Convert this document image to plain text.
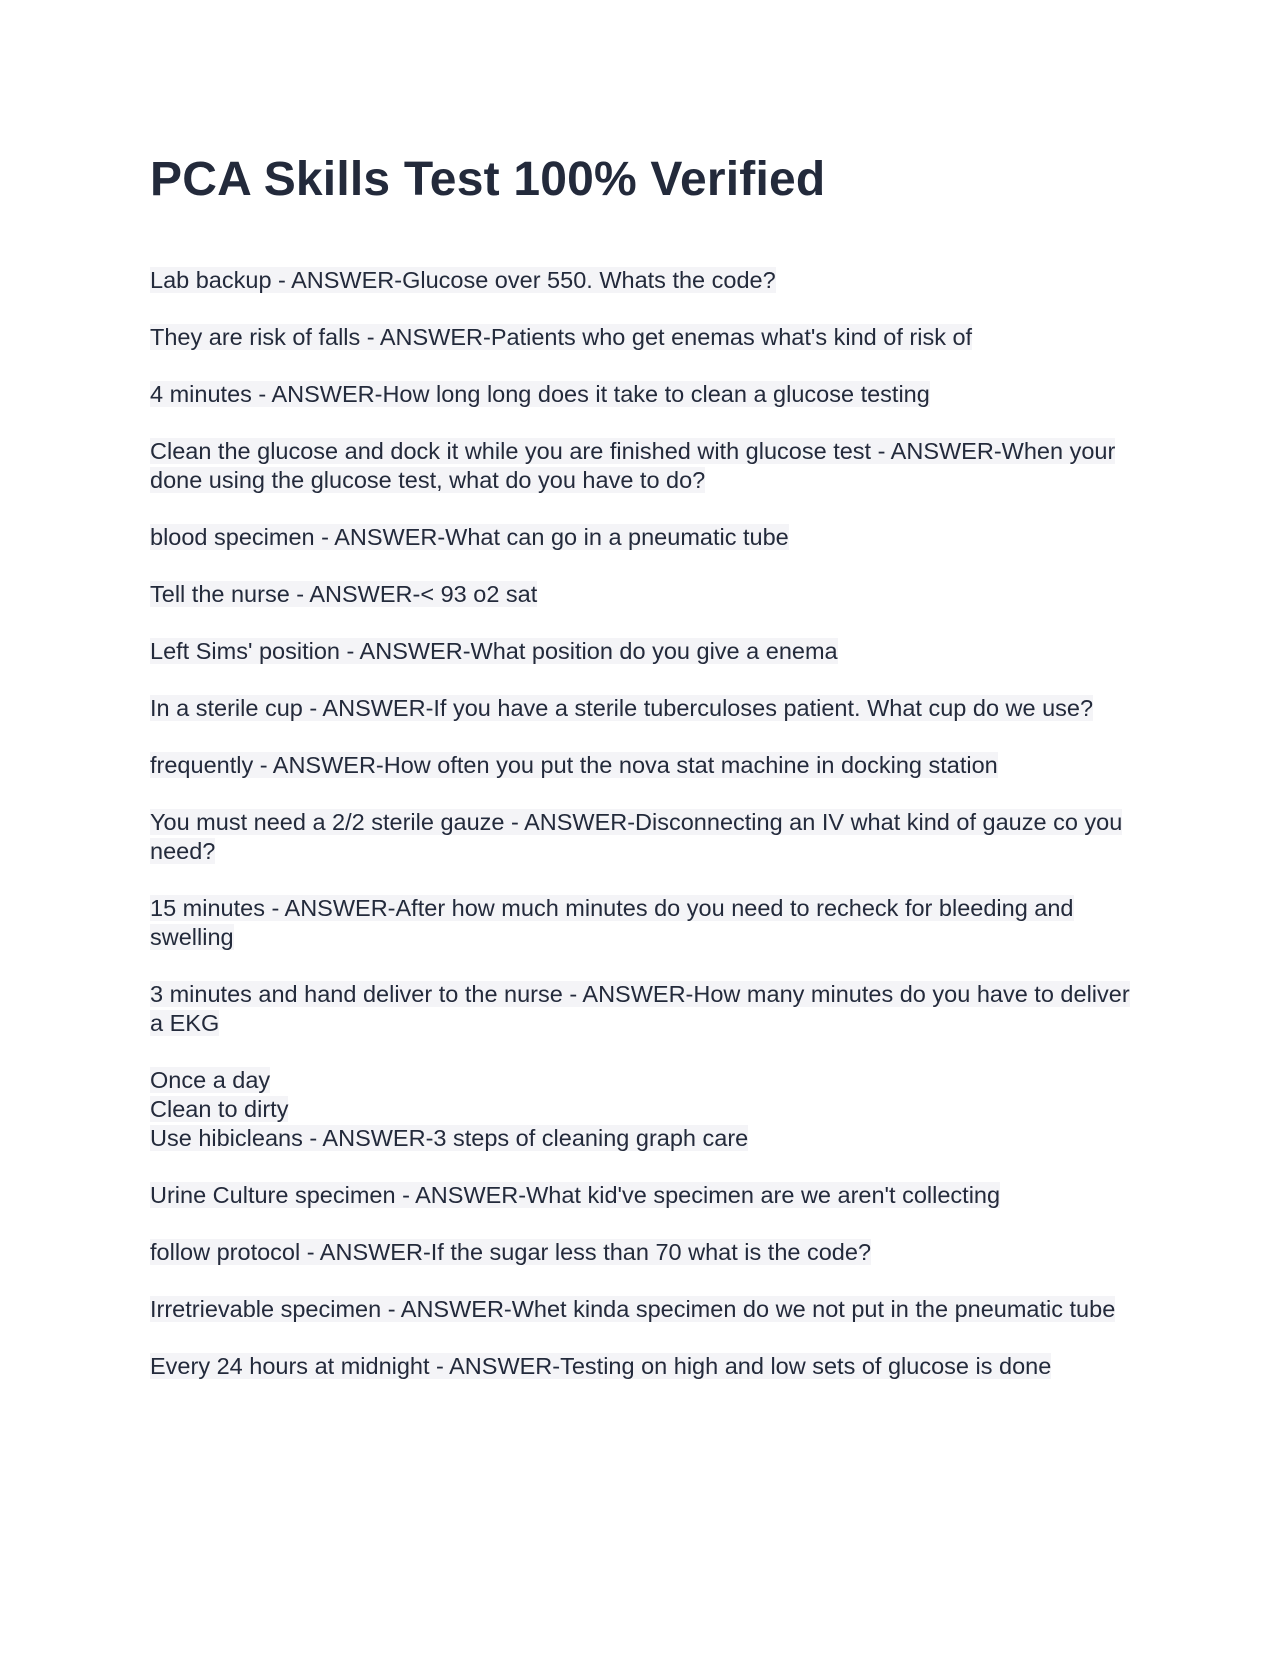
PCA Skills Test 100% Verified

Lab backup - ANSWER-Glucose over 550. Whats the code?

They are risk of falls - ANSWER-Patients who get enemas what's kind of risk of

4 minutes - ANSWER-How long long does it take to clean a glucose testing

Clean the glucose and dock it while you are finished with glucose test - ANSWER-When your done using the glucose test, what do you have to do?

blood specimen - ANSWER-What can go in a pneumatic tube

Tell the nurse - ANSWER-< 93 o2 sat

Left Sims' position - ANSWER-What position do you give a enema

In a sterile cup - ANSWER-If you have a sterile tuberculoses patient. What cup do we use?

frequently - ANSWER-How often you put the nova stat machine in docking station

You must need a 2/2 sterile gauze - ANSWER-Disconnecting an IV what kind of gauze co you need?

15 minutes - ANSWER-After how much minutes do you need to recheck for bleeding and swelling

3 minutes and hand deliver to the nurse - ANSWER-How many minutes do you have to deliver a EKG

Once a day
Clean to dirty
Use hibicleans - ANSWER-3 steps of cleaning graph care

Urine Culture specimen - ANSWER-What kid've specimen are we aren't collecting

follow protocol - ANSWER-If the sugar less than 70 what is the code?

Irretrievable specimen - ANSWER-Whet kinda specimen do we not put in the pneumatic tube

Every 24 hours at midnight - ANSWER-Testing on high and low sets of glucose is done
